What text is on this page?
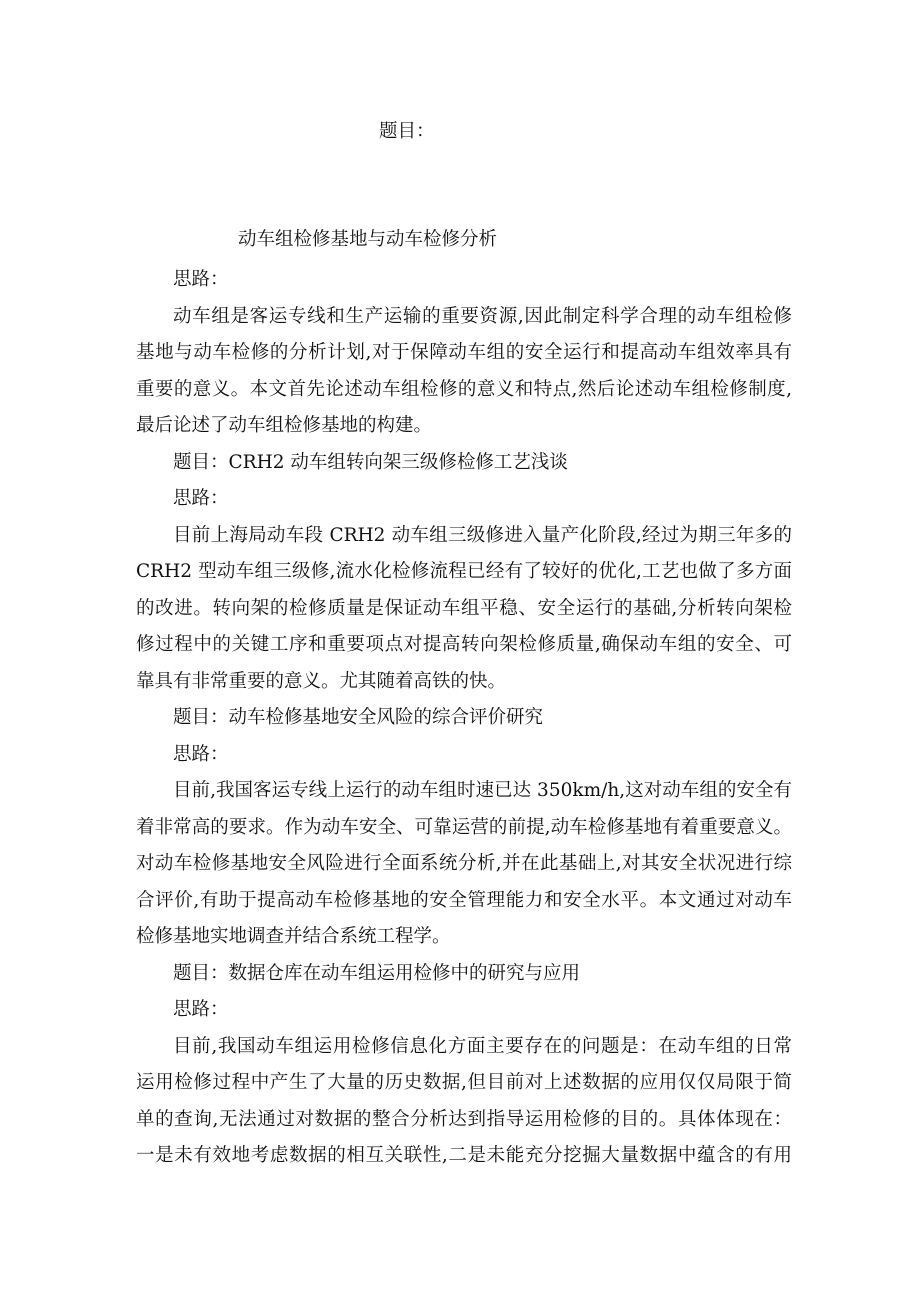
题目：
动车组检修基地与动车检修分析
思路：
动车组是客运专线和生产运输的重要资源,因此制定科学合理的动车组检修
基地与动车检修的分析计划,对于保障动车组的安全运行和提高动车组效率具有
重要的意义。本文首先论述动车组检修的意义和特点,然后论述动车组检修制度,
最后论述了动车组检修基地的构建。
题目：CRH2 动车组转向架三级修检修工艺浅谈
思路：
目前上海局动车段 CRH2 动车组三级修进入量产化阶段,经过为期三年多的
CRH2 型动车组三级修,流水化检修流程已经有了较好的优化,工艺也做了多方面
的改进。转向架的检修质量是保证动车组平稳、安全运行的基础,分析转向架检
修过程中的关键工序和重要项点对提高转向架检修质量,确保动车组的安全、可
靠具有非常重要的意义。尤其随着高铁的快。
题目：动车检修基地安全风险的综合评价研究
思路：
目前,我国客运专线上运行的动车组时速已达 350km/h,这对动车组的安全有
着非常高的要求。作为动车安全、可靠运营的前提,动车检修基地有着重要意义。
对动车检修基地安全风险进行全面系统分析,并在此基础上,对其安全状况进行综
合评价,有助于提高动车检修基地的安全管理能力和安全水平。本文通过对动车
检修基地实地调查并结合系统工程学。
题目：数据仓库在动车组运用检修中的研究与应用
思路：
目前,我国动车组运用检修信息化方面主要存在的问题是：在动车组的日常
运用检修过程中产生了大量的历史数据,但目前对上述数据的应用仅仅局限于简
单的查询,无法通过对数据的整合分析达到指导运用检修的目的。具体体现在：
一是未有效地考虑数据的相互关联性,二是未能充分挖掘大量数据中蕴含的有用
